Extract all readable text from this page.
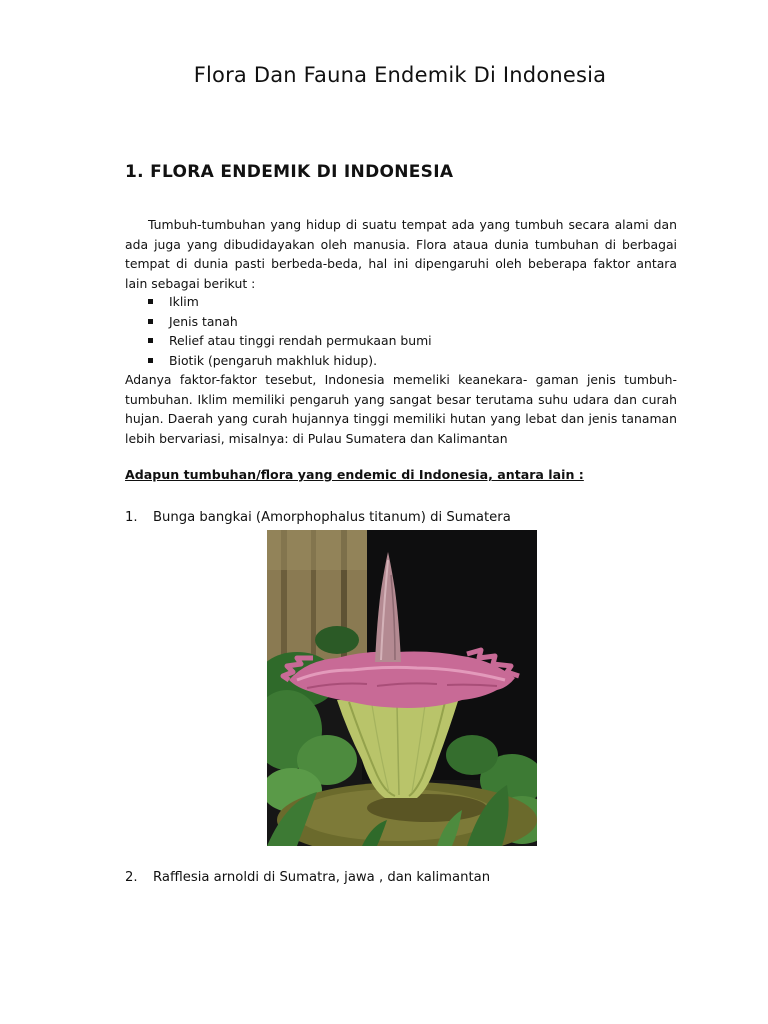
Flora Dan Fauna Endemik Di Indonesia
1. FLORA ENDEMIK DI INDONESIA

Tumbuh-tumbuhan yang hidup di suatu tempat ada yang tumbuh secara alami dan ada juga yang dibudidayakan oleh manusia. Flora ataua dunia tumbuhan di berbagai tempat di dunia pasti berbeda-beda, hal ini dipengaruhi oleh beberapa faktor antara lain sebagai berikut :

Iklim
Jenis tanah
Relief atau tinggi rendah permukaan bumi
Biotik (pengaruh makhluk hidup).

Adanya faktor-faktor tesebut, Indonesia memeliki keanekara- gaman jenis tumbuh-tumbuhan. Iklim memiliki pengaruh yang sangat besar terutama suhu udara dan curah hujan. Daerah yang curah hujannya tinggi memiliki hutan yang lebat dan jenis tanaman lebih bervariasi, misalnya: di Pulau Sumatera dan Kalimantan

Adapun tumbuhan/flora yang endemic di Indonesia, antara lain :
1. Bunga bangkai (Amorphophalus titanum) di Sumatera
2. Rafflesia arnoldi di Sumatra, jawa , dan kalimantan
